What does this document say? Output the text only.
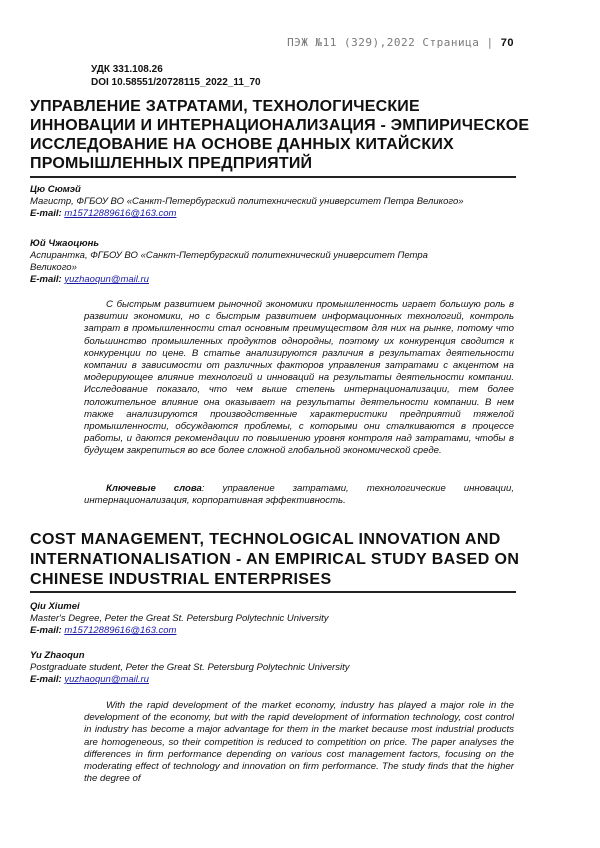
ПЭЖ №11 (329),2022 Страница | 70
УДК 331.108.26
DOI 10.58551/20728115_2022_11_70
УПРАВЛЕНИЕ ЗАТРАТАМИ, ТЕХНОЛОГИЧЕСКИЕ ИННОВАЦИИ И ИНТЕРНАЦИОНАЛИЗАЦИЯ - ЭМПИРИЧЕСКОЕ ИССЛЕДОВАНИЕ НА ОСНОВЕ ДАННЫХ КИТАЙСКИХ ПРОМЫШЛЕННЫХ ПРЕДПРИЯТИЙ
Цю Сюмэй
Магистр, ФГБОУ ВО «Санкт-Петербургский политехнический университет Петра Великого»
E-mail: m15712889616@163.com
Юй Чжаоцюнь
Аспирантка, ФГБОУ ВО «Санкт-Петербургский политехнический университет Петра Великого»
E-mail: yuzhaoqun@mail.ru

С быстрым развитием рыночной экономики промышленность играет большую роль в развитии экономики, но с быстрым развитием информационных технологий, контроль затрат в промышленности стал основным преимуществом для них на рынке, потому что большинство промышленных продуктов однородны, поэтому их конкуренция сводится к конкуренции по цене. В статье анализируются различия в результатах деятельности компании в зависимости от различных факторов управления затратами с акцентом на модерирующее влияние технологий и инноваций на результаты деятельности компании. Исследование показало, что чем выше степень интернационализации, тем более положительное влияние она оказывает на результаты деятельности компании. В нем также анализируются производственные характеристики предприятий тяжелой промышленности, обсуждаются проблемы, с которыми они сталкиваются в процессе работы, и даются рекомендации по повышению уровня контроля над затратами, чтобы в будущем закрепиться во все более сложной глобальной экономической среде.

Ключевые слова: управление затратами, технологические инновации, интернационализация, корпоративная эффективность.
COST MANAGEMENT, TECHNOLOGICAL INNOVATION AND INTERNATIONALISATION - AN EMPIRICAL STUDY BASED ON CHINESE INDUSTRIAL ENTERPRISES
Qiu Xiumei
Master's Degree, Peter the Great St. Petersburg Polytechnic University
E-mail: m15712889616@163.com
Yu Zhaoqun
Postgraduate student, Peter the Great St. Petersburg Polytechnic University
E-mail: yuzhaoqun@mail.ru

With the rapid development of the market economy, industry has played a major role in the development of the economy, but with the rapid development of information technology, cost control in industry has become a major advantage for them in the market because most industrial products are homogeneous, so their competition is reduced to competition on price. The paper analyses the differences in firm performance depending on various cost management factors, focusing on the moderating effect of technology and innovation on firm performance. The study finds that the higher the degree of
